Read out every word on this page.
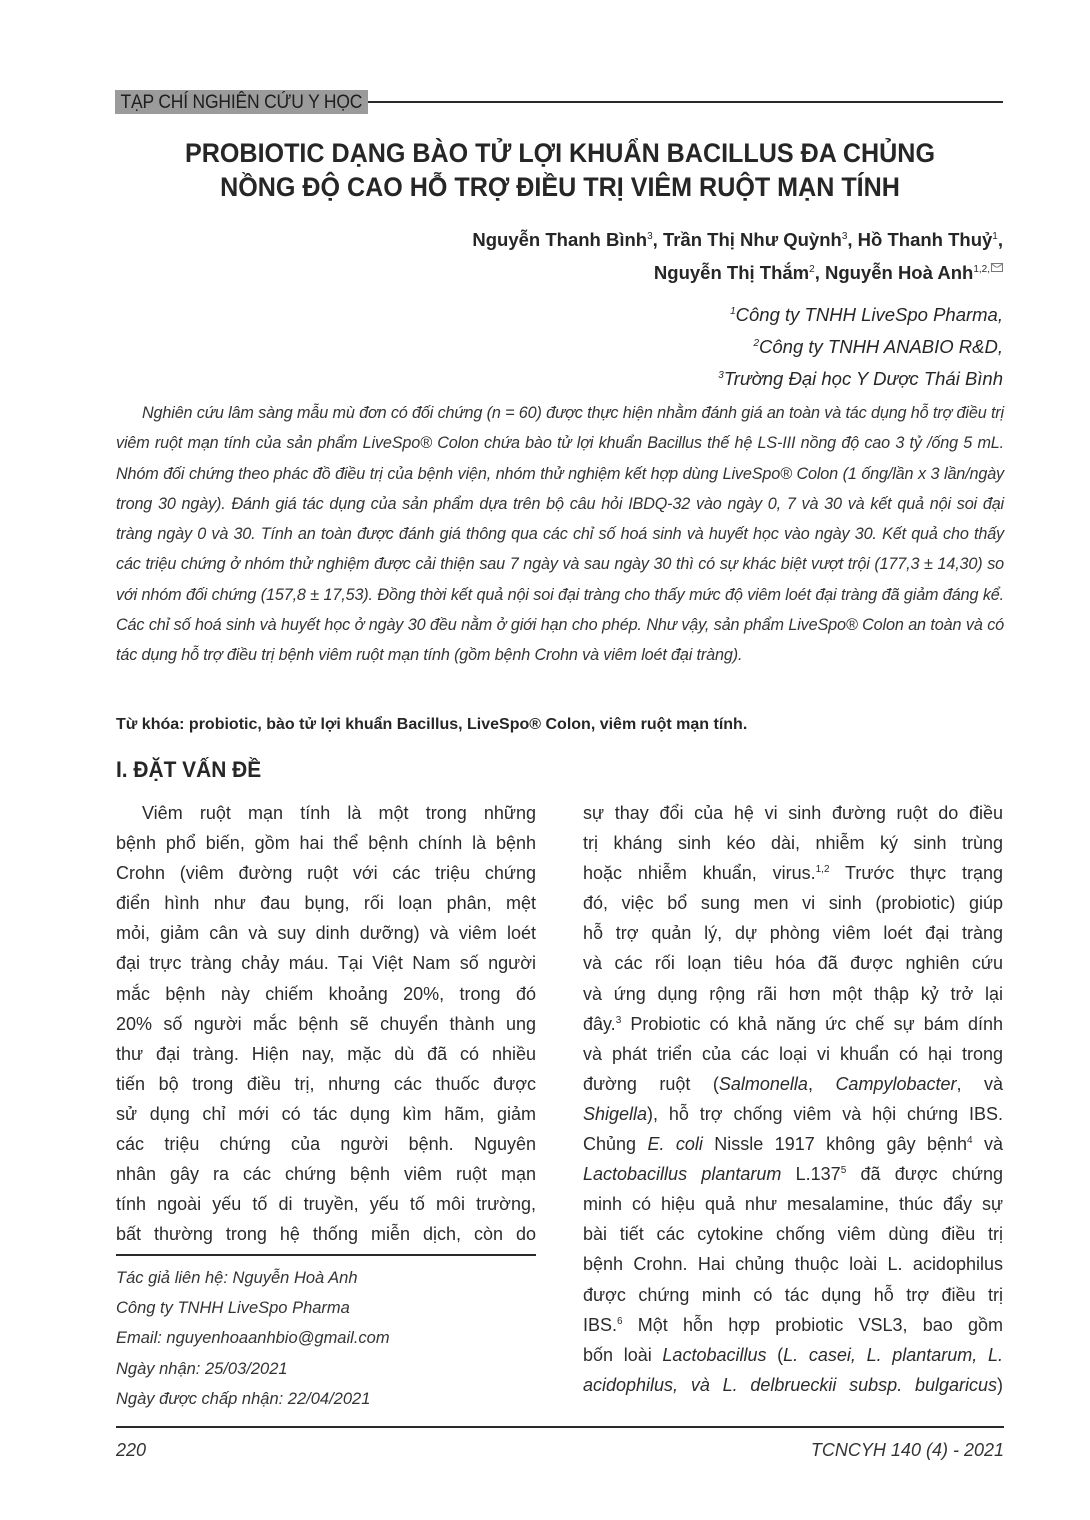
TẠP CHÍ NGHIÊN CỨU Y HỌC
PROBIOTIC DẠNG BÀO TỬ LỢI KHUẨN BACILLUS ĐA CHỦNG
NỒNG ĐỘ CAO HỖ TRỢ ĐIỀU TRỊ VIÊM RUỘT MẠN TÍNH
Nguyễn Thanh Bình$^3$, Trần Thị Như Quỳnh$^3$, Hồ Thanh Thuỷ$^1$,
Nguyễn Thị Thắm$^2$, Nguyễn Hoà Anh$^{1,2,}$
$^1$Công ty TNHH LiveSpo Pharma,
$^2$Công ty TNHH ANABIO R&D,
$^3$Trường Đại học Y Dược Thái Bình

Nghiên cứu lâm sàng mẫu mù đơn có đối chứng (n = 60) được thực hiện nhằm đánh giá an toàn và tác dụng hỗ trợ điều trị viêm ruột mạn tính của sản phẩm LiveSpo® Colon chứa bào tử lợi khuẩn Bacillus thế hệ LS-III nồng độ cao 3 tỷ /ống 5 mL. Nhóm đối chứng theo phác đồ điều trị của bệnh viện, nhóm thử nghiệm kết hợp dùng LiveSpo® Colon (1 ống/lần x 3 lần/ngày trong 30 ngày). Đánh giá tác dụng của sản phẩm dựa trên bộ câu hỏi IBDQ-32 vào ngày 0, 7 và 30 và kết quả nội soi đại tràng ngày 0 và 30. Tính an toàn được đánh giá thông qua các chỉ số hoá sinh và huyết học vào ngày 30. Kết quả cho thấy các triệu chứng ở nhóm thử nghiệm được cải thiện sau 7 ngày và sau ngày 30 thì có sự khác biệt vượt trội (177,3 ± 14,30) so với nhóm đối chứng (157,8 ± 17,53). Đồng thời kết quả nội soi đại tràng cho thấy mức độ viêm loét đại tràng đã giảm đáng kể. Các chỉ số hoá sinh và huyết học ở ngày 30 đều nằm ở giới hạn cho phép. Như vậy, sản phẩm LiveSpo® Colon an toàn và có tác dụng hỗ trợ điều trị bệnh viêm ruột mạn tính (gồm bệnh Crohn và viêm loét đại tràng).

Từ khóa: probiotic, bào tử lợi khuẩn Bacillus, LiveSpo® Colon, viêm ruột mạn tính.
I. ĐẶT VẤN ĐỀ
Viêm ruột mạn tính là một trong những
bệnh phổ biến, gồm hai thể bệnh chính là bệnh
Crohn (viêm đường ruột với các triệu chứng
điển hình như đau bụng, rối loạn phân, mệt
mỏi, giảm cân và suy dinh dưỡng) và viêm loét
đại trực tràng chảy máu. Tại Việt Nam số người
mắc bệnh này chiếm khoảng 20%, trong đó
20% số người mắc bệnh sẽ chuyển thành ung
thư đại tràng. Hiện nay, mặc dù đã có nhiều
tiến bộ trong điều trị, nhưng các thuốc được
sử dụng chỉ mới có tác dụng kìm hãm, giảm
các triệu chứng của người bệnh. Nguyên
nhân gây ra các chứng bệnh viêm ruột mạn
tính ngoài yếu tố di truyền, yếu tố môi trường,
bất thường trong hệ thống miễn dịch, còn do
Tác giả liên hệ: Nguyễn Hoà Anh
Công ty TNHH LiveSpo Pharma
Email: nguyenhoaanhbio@gmail.com
Ngày nhận: 25/03/2021
Ngày được chấp nhận: 22/04/2021
sự thay đổi của hệ vi sinh đường ruột do điều
trị kháng sinh kéo dài, nhiễm ký sinh trùng
hoặc nhiễm khuẩn, virus.$^{1,2}$ Trước thực trạng
đó, việc bổ sung men vi sinh (probiotic) giúp
hỗ trợ quản lý, dự phòng viêm loét đại tràng
và các rối loạn tiêu hóa đã được nghiên cứu
và ứng dụng rộng rãi hơn một thập kỷ trở lại
đây.$^3$ Probiotic có khả năng ức chế sự bám dính
và phát triển của các loại vi khuẩn có hại trong
đường ruột (Salmonella, Campylobacter, và
Shigella), hỗ trợ chống viêm và hội chứng IBS.
Chủng E. coli Nissle 1917 không gây bệnh$^4$ và
Lactobacillus plantarum L.137$^5$ đã được chứng
minh có hiệu quả như mesalamine, thúc đẩy sự
bài tiết các cytokine chống viêm dùng điều trị
bệnh Crohn. Hai chủng thuộc loài L. acidophilus
được chứng minh có tác dụng hỗ trợ điều trị
IBS.$^6$ Một hỗn hợp probiotic VSL3, bao gồm
bốn loài Lactobacillus (L. casei, L. plantarum, L.
acidophilus, và L. delbrueckii subsp. bulgaricus)
220	TCNCYH 140 (4) - 2021
